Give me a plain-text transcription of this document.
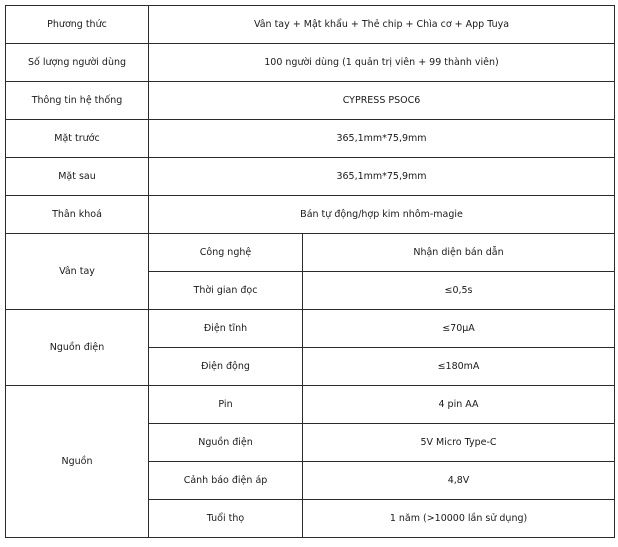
Phương thức	Vân tay + Mật khẩu + Thẻ chip + Chìa cơ + App Tuya	
Số lượng người dùng	100 người dùng (1 quản trị viên + 99 thành viên)	
Thông tin hệ thống	CYPRESS PSOC6	
Mặt trước	365,1mm*75,9mm	
Mặt sau	365,1mm*75,9mm	
Thân khoá	Bán tự động/hợp kim nhôm-magie	
Vân tay	Công nghệ	Nhận diện bán dẫn
	Thời gian đọc	≤0,5s
Nguồn điện	Điện tĩnh	≤70μA
	Điện động	≤180mA
Nguồn	Pin	4 pin AA
	Nguồn điện	5V Micro Type-C
	Cảnh báo điện áp	4,8V
	Tuổi thọ	1 năm (>10000 lần sử dụng)
